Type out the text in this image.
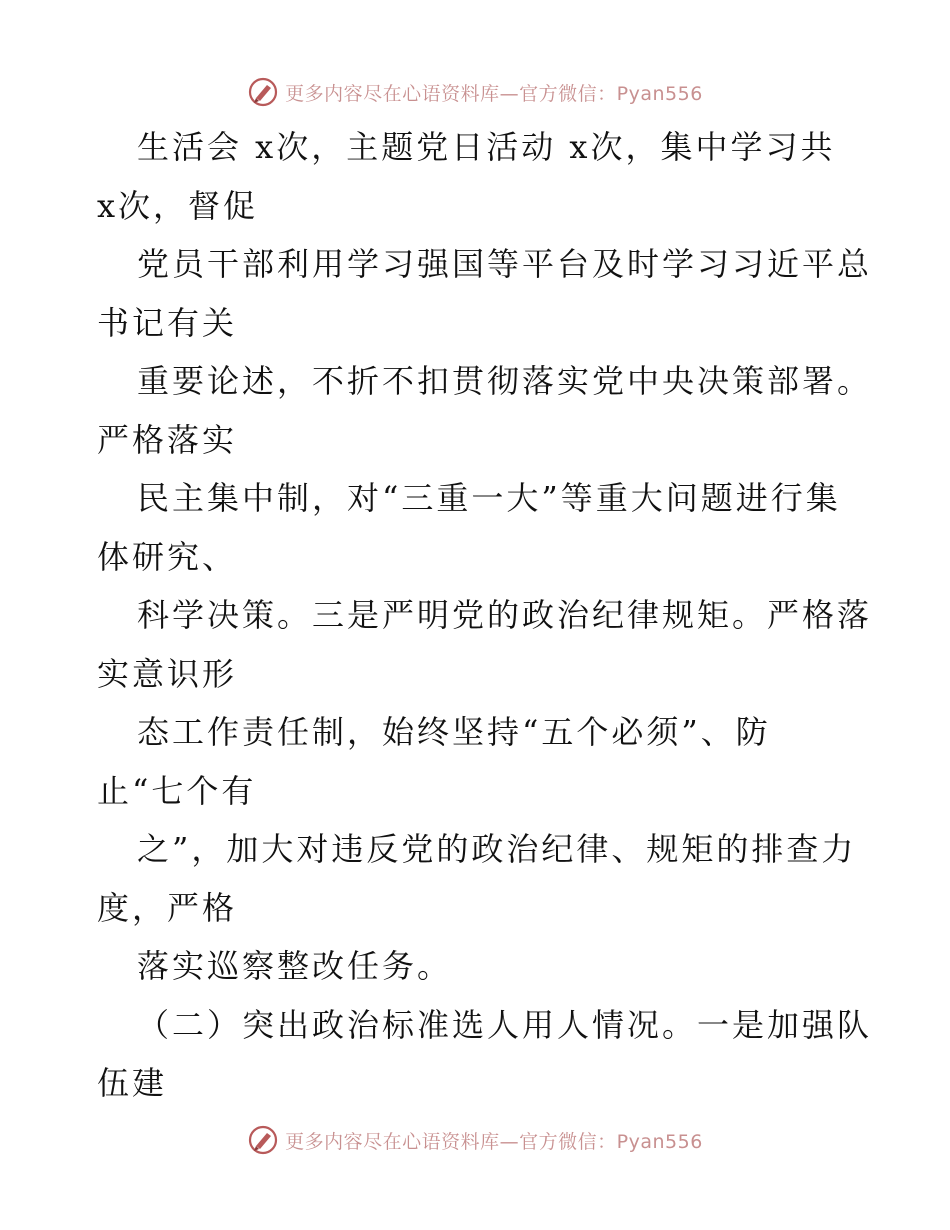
更多内容尽在心语资料库—官方微信：Pyan556
生活会 x次，主题党日活动 x次，集中学习共
x次，督促
党员干部利用学习强国等平台及时学习习近平总
书记有关
重要论述，不折不扣贯彻落实党中央决策部署。
严格落实
民主集中制，对“三重一大”等重大问题进行集
体研究、
科学决策。三是严明党的政治纪律规矩。严格落
实意识形
态工作责任制，始终坚持“五个必须”、防
止“七个有
之”，加大对违反党的政治纪律、规矩的排查力
度，严格
落实巡察整改任务。
（二）突出政治标准选人用人情况。一是加强队
伍建
更多内容尽在心语资料库—官方微信：Pyan556
